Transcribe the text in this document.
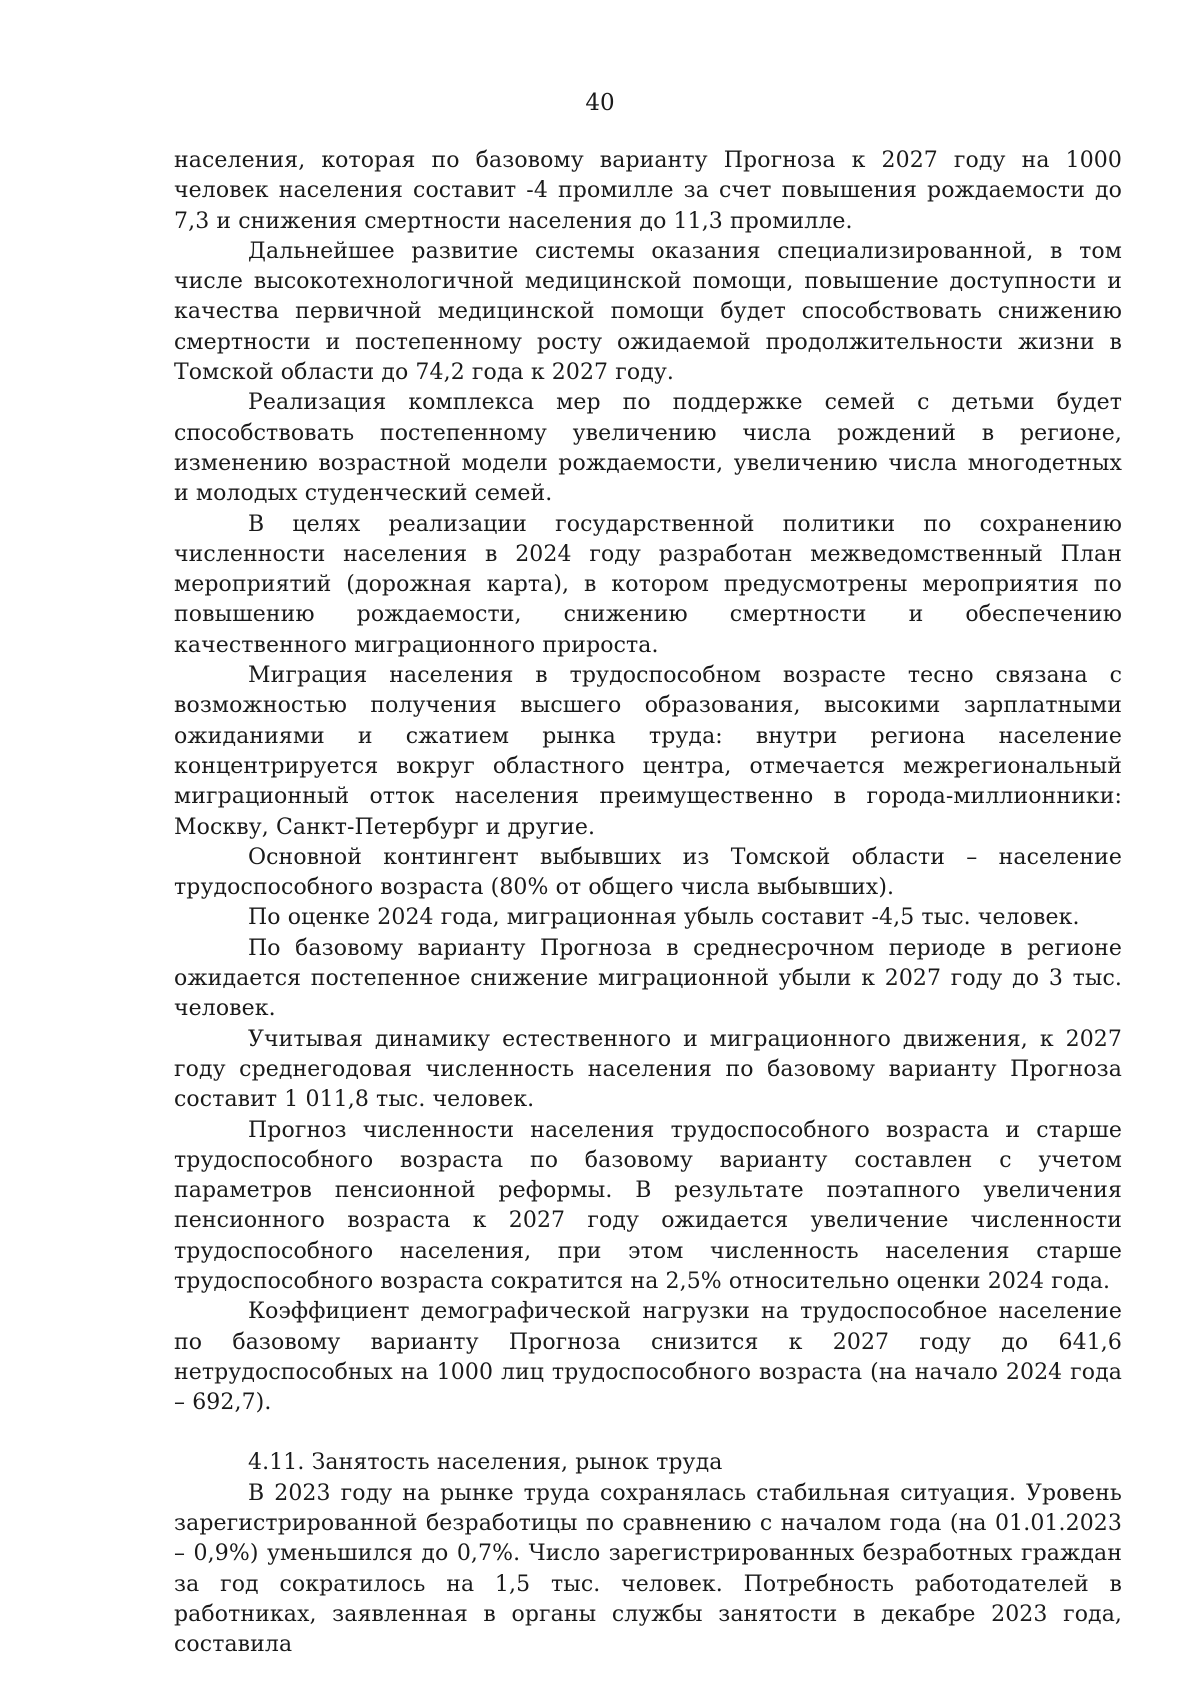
40

населения, которая по базовому варианту Прогноза к 2027 году на 1000 человек населения составит -4 промилле за счет повышения рождаемости до 7,3 и снижения смертности населения до 11,3 промилле.

Дальнейшее развитие системы оказания специализированной, в том числе высокотехнологичной медицинской помощи, повышение доступности и качества первичной медицинской помощи будет способствовать снижению смертности и постепенному росту ожидаемой продолжительности жизни в Томской области до 74,2 года к 2027 году.

Реализация комплекса мер по поддержке семей с детьми будет способствовать постепенному увеличению числа рождений в регионе, изменению возрастной модели рождаемости, увеличению числа многодетных и молодых студенческий семей.

В целях реализации государственной политики по сохранению численности населения в 2024 году разработан межведомственный План мероприятий (дорожная карта), в котором предусмотрены мероприятия по повышению рождаемости, снижению смертности и обеспечению качественного миграционного прироста.

Миграция населения в трудоспособном возрасте тесно связана с возможностью получения высшего образования, высокими зарплатными ожиданиями и сжатием рынка труда: внутри региона население концентрируется вокруг областного центра, отмечается межрегиональный миграционный отток населения преимущественно в города-миллионники: Москву, Санкт-Петербург и другие.

Основной контингент выбывших из Томской области – население трудоспособного возраста (80% от общего числа выбывших).

По оценке 2024 года, миграционная убыль составит -4,5 тыс. человек.

По базовому варианту Прогноза в среднесрочном периоде в регионе ожидается постепенное снижение миграционной убыли к 2027 году до 3 тыс. человек.

Учитывая динамику естественного и миграционного движения, к 2027 году среднегодовая численность населения по базовому варианту Прогноза составит 1 011,8 тыс. человек.

Прогноз численности населения трудоспособного возраста и старше трудоспособного возраста по базовому варианту составлен с учетом параметров пенсионной реформы. В результате поэтапного увеличения пенсионного возраста к 2027 году ожидается увеличение численности трудоспособного населения, при этом численность населения старше трудоспособного возраста сократится на 2,5% относительно оценки 2024 года.

Коэффициент демографической нагрузки на трудоспособное население по базовому варианту Прогноза снизится к 2027 году до 641,6 нетрудоспособных на 1000 лиц трудоспособного возраста (на начало 2024 года – 692,7).

4.11. Занятость населения, рынок труда

В 2023 году на рынке труда сохранялась стабильная ситуация. Уровень зарегистрированной безработицы по сравнению с началом года (на 01.01.2023 – 0,9%) уменьшился до 0,7%. Число зарегистрированных безработных граждан за год сократилось на 1,5 тыс. человек. Потребность работодателей в работниках, заявленная в органы службы занятости в декабре 2023 года, составила
